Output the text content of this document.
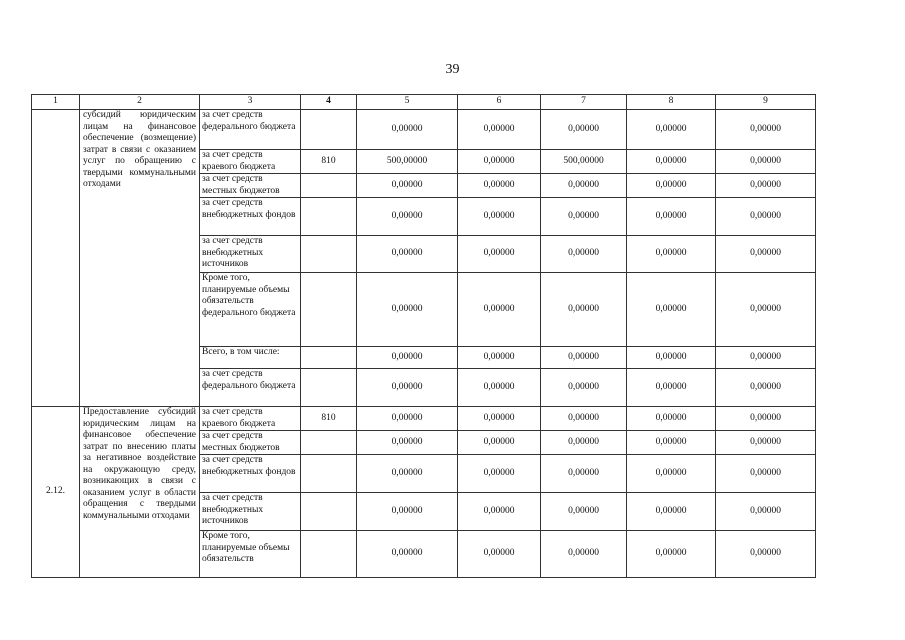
39
1	2	3	4	5	6	7	8	9
	субсидий юридическим лицам на финансовое обеспечение (возмещение) затрат в связи с оказанием услуг по обращению с твердыми коммунальными отходами	за счет средств федерального бюджета		0,00000	0,00000	0,00000	0,00000	0,00000
		за счет средств краевого бюджета	810	500,00000	0,00000	500,00000	0,00000	0,00000
		за счет средств местных бюджетов		0,00000	0,00000	0,00000	0,00000	0,00000
		за счет средств внебюджетных фондов		0,00000	0,00000	0,00000	0,00000	0,00000
		за счет средств внебюджетных источников		0,00000	0,00000	0,00000	0,00000	0,00000
		Кроме того, планируемые объемы обязательств федерального бюджета		0,00000	0,00000	0,00000	0,00000	0,00000
		Всего, в том числе:		0,00000	0,00000	0,00000	0,00000	0,00000
		за счет средств федерального бюджета		0,00000	0,00000	0,00000	0,00000	0,00000
2.12.	Предоставление субсидий юридическим лицам на финансовое обеспечение затрат по внесению платы за негативное воздействие на окружающую среду, возникающих в связи с оказанием услуг в области обращения с твердыми коммунальными отходами	за счет средств краевого бюджета	810	0,00000	0,00000	0,00000	0,00000	0,00000
		за счет средств местных бюджетов		0,00000	0,00000	0,00000	0,00000	0,00000
		за счет средств внебюджетных фондов		0,00000	0,00000	0,00000	0,00000	0,00000
		за счет средств внебюджетных источников		0,00000	0,00000	0,00000	0,00000	0,00000
		Кроме того, планируемые объемы обязательств		0,00000	0,00000	0,00000	0,00000	0,00000
